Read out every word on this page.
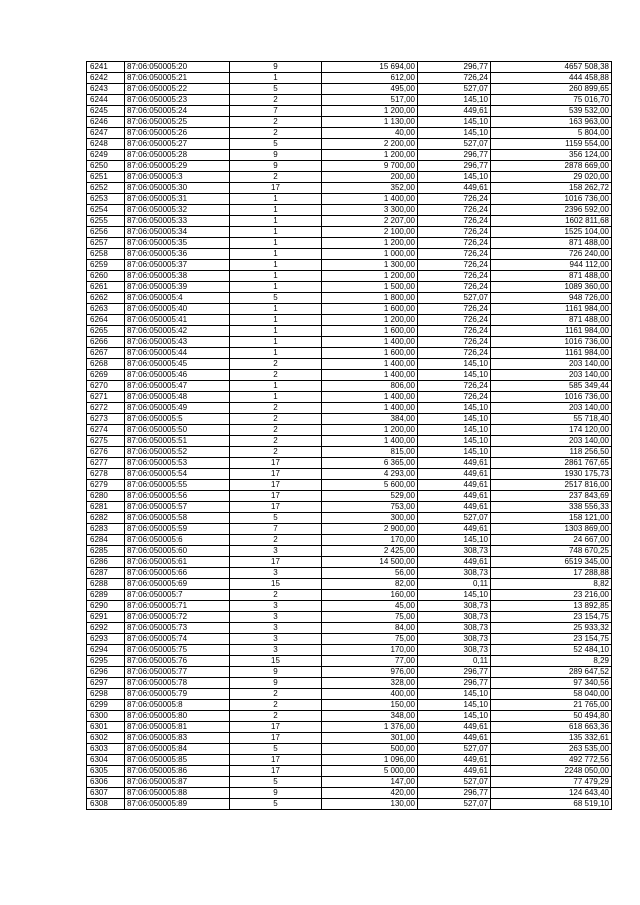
6241	87:06:050005:20	9	15 694,00	296,77	4657 508,38
6242	87:06:050005:21	1	612,00	726,24	444 458,88
6243	87:06:050005:22	5	495,00	527,07	260 899,65
6244	87:06:050005:23	2	517,00	145,10	75 016,70
6245	87:06:050005:24	7	1 200,00	449,61	539 532,00
6246	87:06:050005:25	2	1 130,00	145,10	163 963,00
6247	87:06:050005:26	2	40,00	145,10	5 804,00
6248	87:06:050005:27	5	2 200,00	527,07	1159 554,00
6249	87:06:050005:28	9	1 200,00	296,77	356 124,00
6250	87:06:050005:29	9	9 700,00	296,77	2878 669,00
6251	87:06:050005:3	2	200,00	145,10	29 020,00
6252	87:06:050005:30	17	352,00	449,61	158 262,72
6253	87:06:050005:31	1	1 400,00	726,24	1016 736,00
6254	87:06:050005:32	1	3 300,00	726,24	2396 592,00
6255	87:06:050005:33	1	2 207,00	726,24	1602 811,68
6256	87:06:050005:34	1	2 100,00	726,24	1525 104,00
6257	87:06:050005:35	1	1 200,00	726,24	871 488,00
6258	87:06:050005:36	1	1 000,00	726,24	726 240,00
6259	87:06:050005:37	1	1 300,00	726,24	944 112,00
6260	87:06:050005:38	1	1 200,00	726,24	871 488,00
6261	87:06:050005:39	1	1 500,00	726,24	1089 360,00
6262	87:06:050005:4	5	1 800,00	527,07	948 726,00
6263	87:06:050005:40	1	1 600,00	726,24	1161 984,00
6264	87:06:050005:41	1	1 200,00	726,24	871 488,00
6265	87:06:050005:42	1	1 600,00	726,24	1161 984,00
6266	87:06:050005:43	1	1 400,00	726,24	1016 736,00
6267	87:06:050005:44	1	1 600,00	726,24	1161 984,00
6268	87:06:050005:45	2	1 400,00	145,10	203 140,00
6269	87:06:050005:46	2	1 400,00	145,10	203 140,00
6270	87:06:050005:47	1	806,00	726,24	585 349,44
6271	87:06:050005:48	1	1 400,00	726,24	1016 736,00
6272	87:06:050005:49	2	1 400,00	145,10	203 140,00
6273	87:06:050005:5	2	384,00	145,10	55 718,40
6274	87:06:050005:50	2	1 200,00	145,10	174 120,00
6275	87:06:050005:51	2	1 400,00	145,10	203 140,00
6276	87:06:050005:52	2	815,00	145,10	118 256,50
6277	87:06:050005:53	17	6 365,00	449,61	2861 767,65
6278	87:06:050005:54	17	4 293,00	449,61	1930 175,73
6279	87:06:050005:55	17	5 600,00	449,61	2517 816,00
6280	87:06:050005:56	17	529,00	449,61	237 843,69
6281	87:06:050005:57	17	753,00	449,61	338 556,33
6282	87:06:050005:58	5	300,00	527,07	158 121,00
6283	87:06:050005:59	7	2 900,00	449,61	1303 869,00
6284	87:06:050005:6	2	170,00	145,10	24 667,00
6285	87:06:050005:60	3	2 425,00	308,73	748 670,25
6286	87:06:050005:61	17	14 500,00	449,61	6519 345,00
6287	87:06:050005:66	3	56,00	308,73	17 288,88
6288	87:06:050005:69	15	82,00	0,11	8,82
6289	87:06:050005:7	2	160,00	145,10	23 216,00
6290	87:06:050005:71	3	45,00	308,73	13 892,85
6291	87:06:050005:72	3	75,00	308,73	23 154,75
6292	87:06:050005:73	3	84,00	308,73	25 933,32
6293	87:06:050005:74	3	75,00	308,73	23 154,75
6294	87:06:050005:75	3	170,00	308,73	52 484,10
6295	87:06:050005:76	15	77,00	0,11	8,29
6296	87:06:050005:77	9	976,00	296,77	289 647,52
6297	87:06:050005:78	9	328,00	296,77	97 340,56
6298	87:06:050005:79	2	400,00	145,10	58 040,00
6299	87:06:050005:8	2	150,00	145,10	21 765,00
6300	87:06:050005:80	2	348,00	145,10	50 494,80
6301	87:06:050005:81	17	1 376,00	449,61	618 663,36
6302	87:06:050005:83	17	301,00	449,61	135 332,61
6303	87:06:050005:84	5	500,00	527,07	263 535,00
6304	87:06:050005:85	17	1 096,00	449,61	492 772,56
6305	87:06:050005:86	17	5 000,00	449,61	2248 050,00
6306	87:06:050005:87	5	147,00	527,07	77 479,29
6307	87:06:050005:88	9	420,00	296,77	124 643,40
6308	87:06:050005:89	5	130,00	527,07	68 519,10
